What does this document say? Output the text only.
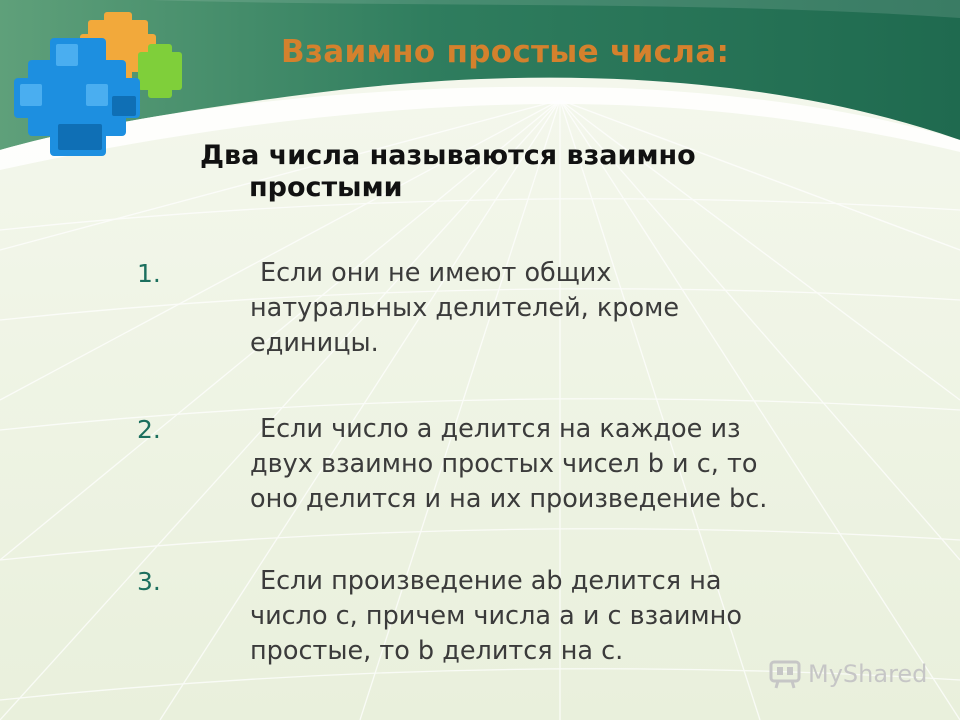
Взаимно простые числа:
Два числа называются взаимно
простыми
1.	Если они не имеют общих
натуральных делителей, кроме
единицы.
2.	Если число а делится на каждое из
двух взаимно простых чисел b и с, то
оно делится и на их произведение bс.
3.	Если произведение аb делится на
число с, причем числа а и с взаимно
простые, то b делится на с.
MyShared
